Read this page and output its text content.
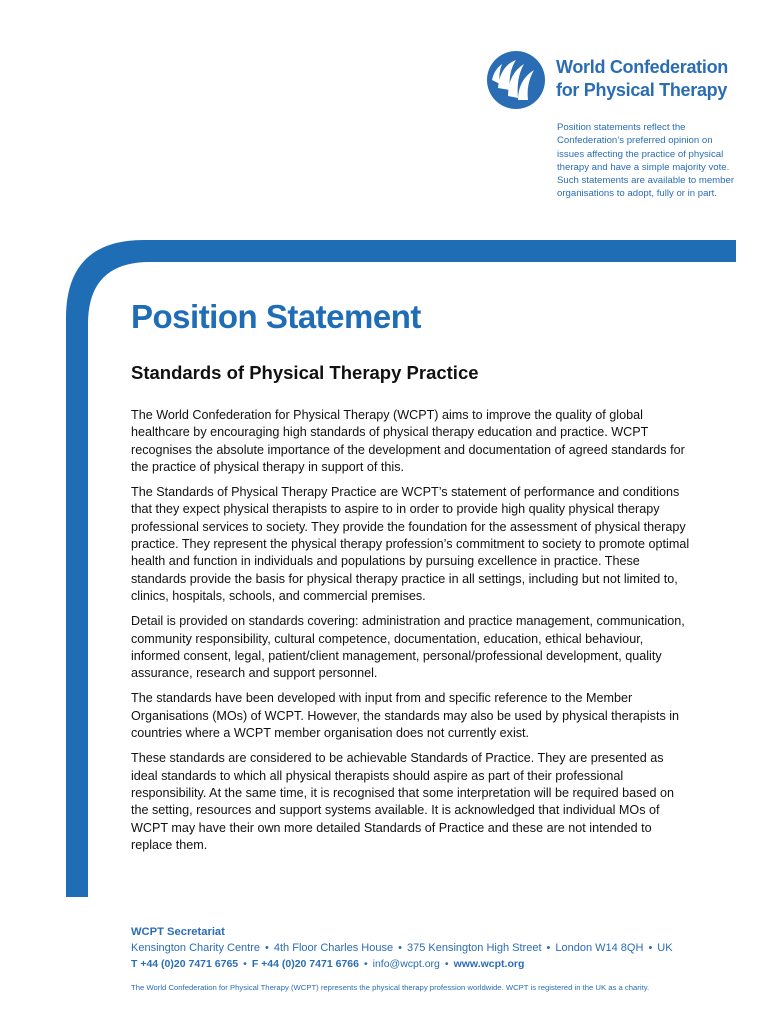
World Confederation
for Physical Therapy
Position statements reflect the Confederation’s preferred opinion on issues affecting the practice of physical therapy and have a simple majority vote. Such statements are available to member organisations to adopt, fully or in part.
Position Statement
Standards of Physical Therapy Practice

The World Confederation for Physical Therapy (WCPT) aims to improve the quality of global healthcare by encouraging high standards of physical therapy education and practice. WCPT recognises the absolute importance of the development and documentation of agreed standards for the practice of physical therapy in support of this.

The Standards of Physical Therapy Practice are WCPT’s statement of performance and conditions that they expect physical therapists to aspire to in order to provide high quality physical therapy professional services to society. They provide the foundation for the assessment of physical therapy practice. They represent the physical therapy profession’s commitment to society to promote optimal health and function in individuals and populations by pursuing excellence in practice. These standards provide the basis for physical therapy practice in all settings, including but not limited to, clinics, hospitals, schools, and commercial premises.

Detail is provided on standards covering: administration and practice management, communication, community responsibility, cultural competence, documentation, education, ethical behaviour, informed consent, legal, patient/client management, personal/professional development, quality assurance, research and support personnel.

The standards have been developed with input from and specific reference to the Member Organisations (MOs) of WCPT. However, the standards may also be used by physical therapists in countries where a WCPT member organisation does not currently exist.

These standards are considered to be achievable Standards of Practice. They are presented as ideal standards to which all physical therapists should aspire as part of their professional responsibility. At the same time, it is recognised that some interpretation will be required based on the setting, resources and support systems available. It is acknowledged that individual MOs of WCPT may have their own more detailed Standards of Practice and these are not intended to replace them.

WCPT Secretariat
Kensington Charity Centre • 4th Floor Charles House • 375 Kensington High Street • London W14 8QH • UK
T +44 (0)20 7471 6765 • F +44 (0)20 7471 6766 • info@wcpt.org • www.wcpt.org
The World Confederation for Physical Therapy (WCPT) represents the physical therapy profession worldwide. WCPT is registered in the UK as a charity.
